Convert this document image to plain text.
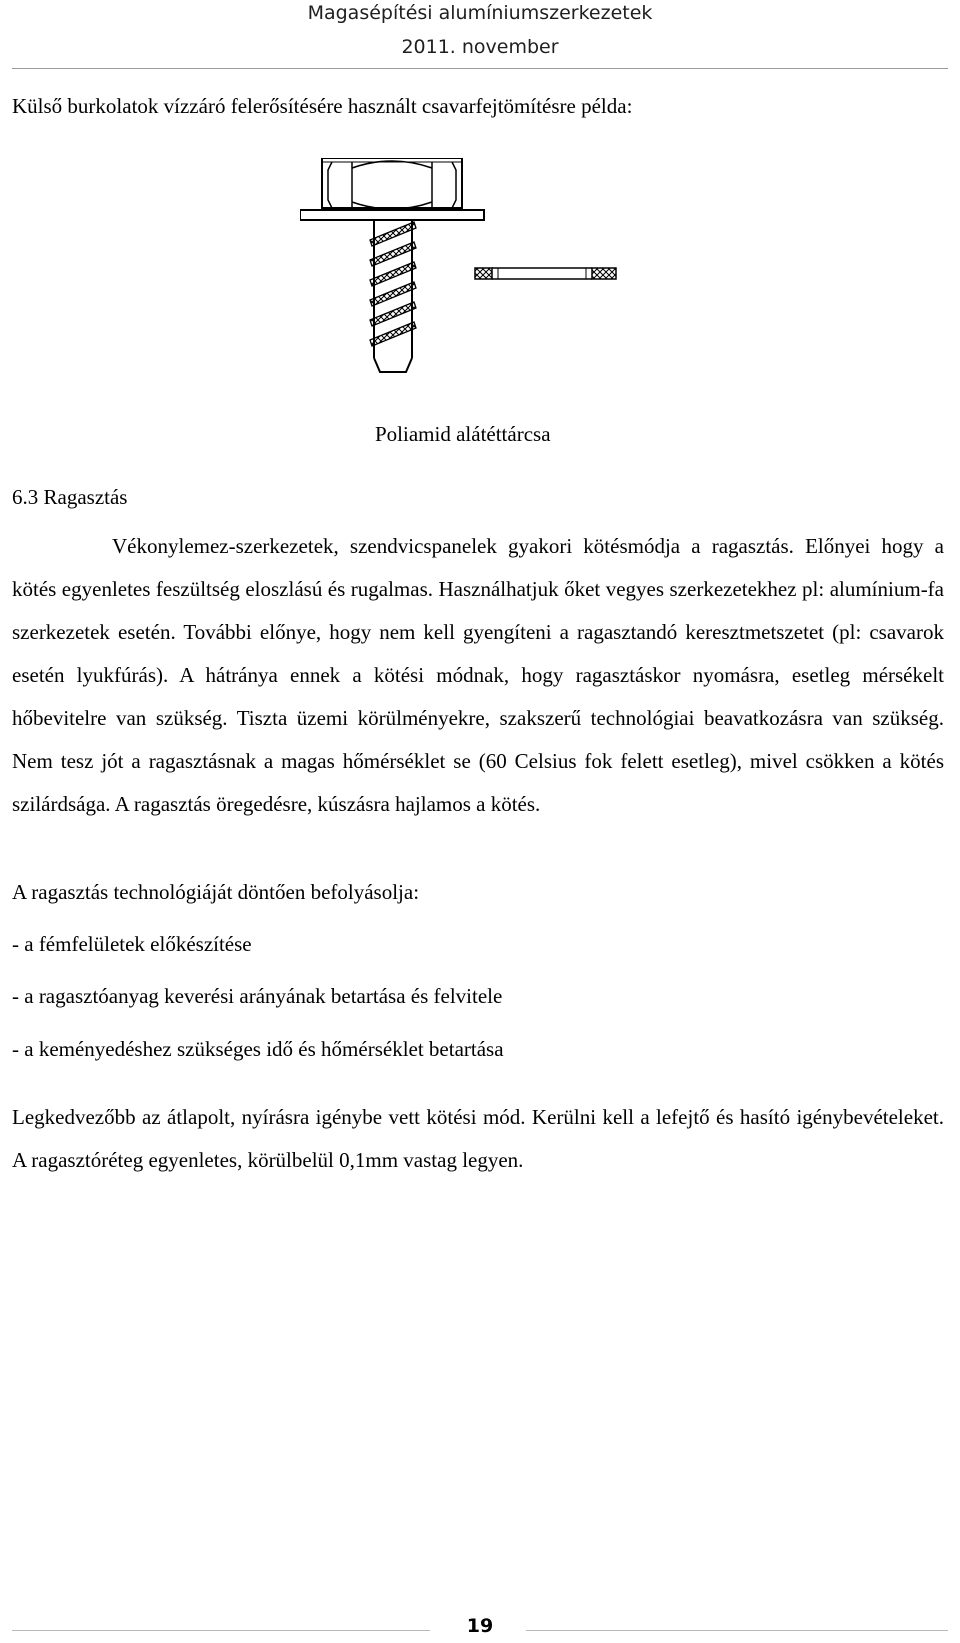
Magasépítési alumíniumszerkezetek
2011. november
Külső burkolatok vízzáró felerősítésére használt csavarfejtömítésre példa:
Poliamid alátéttárcsa
6.3 Ragasztás

Vékonylemez-szerkezetek, szendvicspanelek gyakori kötésmódja a ragasztás. Előnyei hogy a kötés egyenletes feszültség eloszlású és rugalmas. Használhatjuk őket vegyes szerkezetekhez pl: alumínium-fa szerkezetek esetén. További előnye, hogy nem kell gyengíteni a ragasztandó keresztmetszetet (pl: csavarok esetén lyukfúrás). A hátránya ennek a kötési módnak, hogy ragasztáskor nyomásra, esetleg mérsékelt hőbevitelre van szükség. Tiszta üzemi körülményekre, szakszerű technológiai beavatkozásra van szükség. Nem tesz jót a ragasztásnak a magas hőmérséklet se (60 Celsius fok felett esetleg), mivel csökken a kötés szilárdsága. A ragasztás öregedésre, kúszásra hajlamos a kötés.

A ragasztás technológiáját döntően befolyásolja:
- a fémfelületek előkészítése
- a ragasztóanyag keverési arányának betartása és felvitele
- a keményedéshez szükséges idő és hőmérséklet betartása

Legkedvezőbb az átlapolt, nyírásra igénybe vett kötési mód. Kerülni kell a lefejtő és hasító igénybevételeket. A ragasztóréteg egyenletes, körülbelül 0,1mm vastag legyen.

19
